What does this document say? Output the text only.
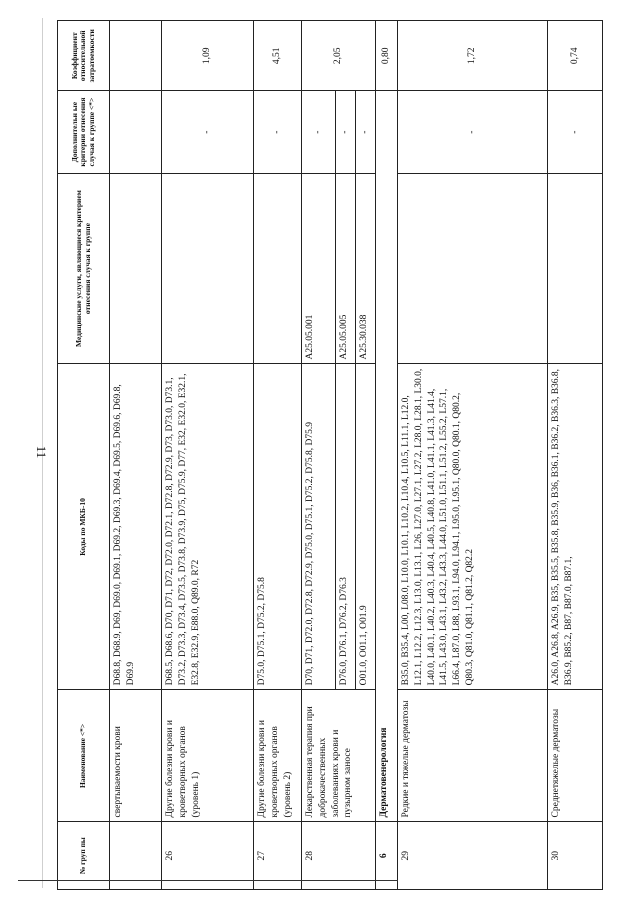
11
№ груп пы	Наименование <*>	Коды по МКБ-10	Медицинские услуги, являющиеся критерием отнесения случая к группе	Дополнительн ые критерии отнесения случая к группе <*>	Коэффициент относительной затратоемкости
	свертываемости крови	D68.8, D68.9, D69, D69.0, D69.1, D69.2, D69.3, D69.4, D69.5, D69.6, D69.8, D69.9			
26	Другие болезни крови и кроветворных органов (уровень 1)	D68.5, D68.6, D70, D71, D72, D72.0, D72.1, D72.8, D72.9, D73, D73.0, D73.1, D73.2, D73.3, D73.4, D73.5, D73.8, D73.9, D75, D75.9, D77, E32, E32.0, E32.1, E32.8, E32.9, E88.0, Q89.0, R72		-	1,09
27	Другие болезни крови и кроветворных органов (уровень 2)	D75.0, D75.1, D75.2, D75.8		-	4,51
28	Лекарственная терапия при доброкачественных заболеваниях крови и пузырном заносе	D70, D71, D72.0, D72.8, D72.9, D75.0, D75.1, D75.2, D75.8, D75.9	A25.05.001	-	2,05
		D76.0, D76.1, D76.2, D76.3	A25.05.005	-	
		O01.0, O01.1, O01.9	A25.30.038	-	
6	Дерматовенерология				0,80
29	Редкие и тяжелые дерматозы	B35.0, B35.4, L00, L08.0, L10.0, L10.1, L10.2, L10.4, L10.5, L11.1, L12.0, L12.1, L12.2, L12.3, L13.0, L13.1, L26, L27.0, L27.1, L27.2, L28.0, L28.1, L30.0, L40.0, L40.1, L40.2, L40.3, L40.4, L40.5, L40.8, L41.0, L41.1, L41.3, L41.4, L41.5, L43.0, L43.1, L43.2, L43.3, L44.0, L51.0, L51.1, L51.2, L55.2, L57.1, L66.4, L87.0, L88, L93.1, L94.0, L94.1, L95.0, L95.1, Q80.0, Q80.1, Q80.2, Q80.3, Q81.0, Q81.1, Q81.2, Q82.2		-	1,72
30	Среднетяжелые дерматозы	A26.0, A26.8, A26.9, B35, B35.5, B35.8, B35.9, B36, B36.1, B36.2, B36.3, B36.8, B36.9, B85.2, B87, B87.0, B87.1,		-	0,74
